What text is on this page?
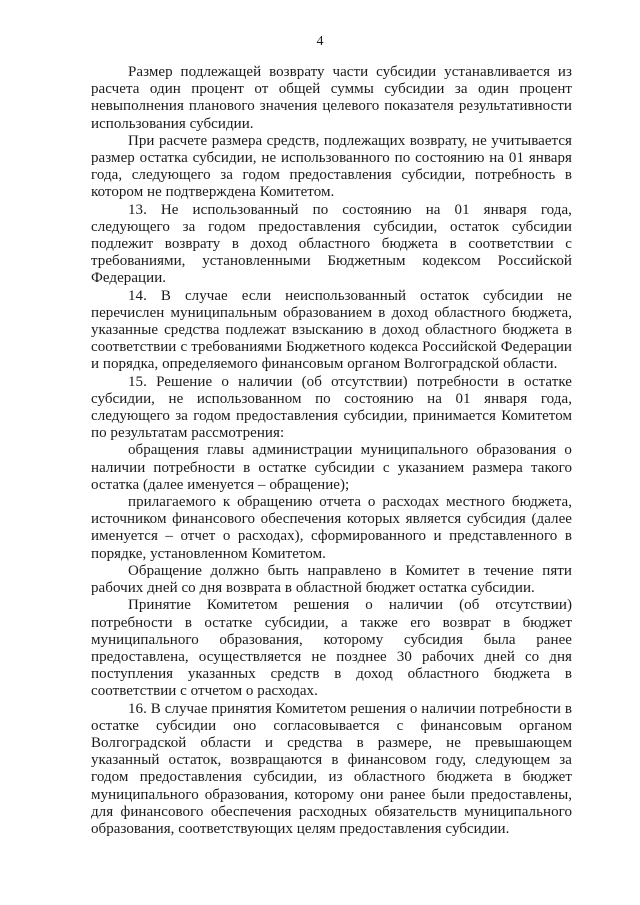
4

Размер подлежащей возврату части субсидии устанавливается из расчета один процент от общей суммы субсидии за один процент невыполнения планового значения целевого показателя результативности использования субсидии.

При расчете размера средств, подлежащих возврату, не учитывается размер остатка субсидии, не использованного по состоянию на 01 января года, следующего за годом предоставления субсидии, потребность в котором не подтверждена Комитетом.

13. Не использованный по состоянию на 01 января года, следующего за годом предоставления субсидии, остаток субсидии подлежит возврату в доход областного бюджета в соответствии с требованиями, установленными Бюджетным кодексом Российской Федерации.

14. В случае если неиспользованный остаток субсидии не перечислен муниципальным образованием в доход областного бюджета, указанные средства подлежат взысканию в доход областного бюджета в соответствии с требованиями Бюджетного кодекса Российской Федерации и порядка, определяемого финансовым органом Волгоградской области.

15. Решение о наличии (об отсутствии) потребности в остатке субсидии, не использованном по состоянию на 01 января года, следующего за годом предоставления субсидии, принимается Комитетом по результатам рассмотрения:

обращения главы администрации муниципального образования о наличии потребности в остатке субсидии с указанием размера такого остатка (далее именуется – обращение);

прилагаемого к обращению отчета о расходах местного бюджета, источником финансового обеспечения которых является субсидия (далее именуется – отчет о расходах), сформированного и представленного в порядке, установленном Комитетом.

Обращение должно быть направлено в Комитет в течение пяти рабочих дней со дня возврата в областной бюджет остатка субсидии.

Принятие Комитетом решения о наличии (об отсутствии) потребности в остатке субсидии, а также его возврат в бюджет муниципального образования, которому субсидия была ранее предоставлена, осуществляется не позднее 30 рабочих дней со дня поступления указанных средств в доход областного бюджета в соответствии с отчетом о расходах.

16. В случае принятия Комитетом решения о наличии потребности в остатке субсидии оно согласовывается с финансовым органом Волгоградской области и средства в размере, не превышающем указанный остаток, возвращаются в финансовом году, следующем за годом предоставления субсидии, из областного бюджета в бюджет муниципального образования, которому они ранее были предоставлены, для финансового обеспечения расходных обязательств муниципального образования, соответствующих целям предоставления субсидии.
